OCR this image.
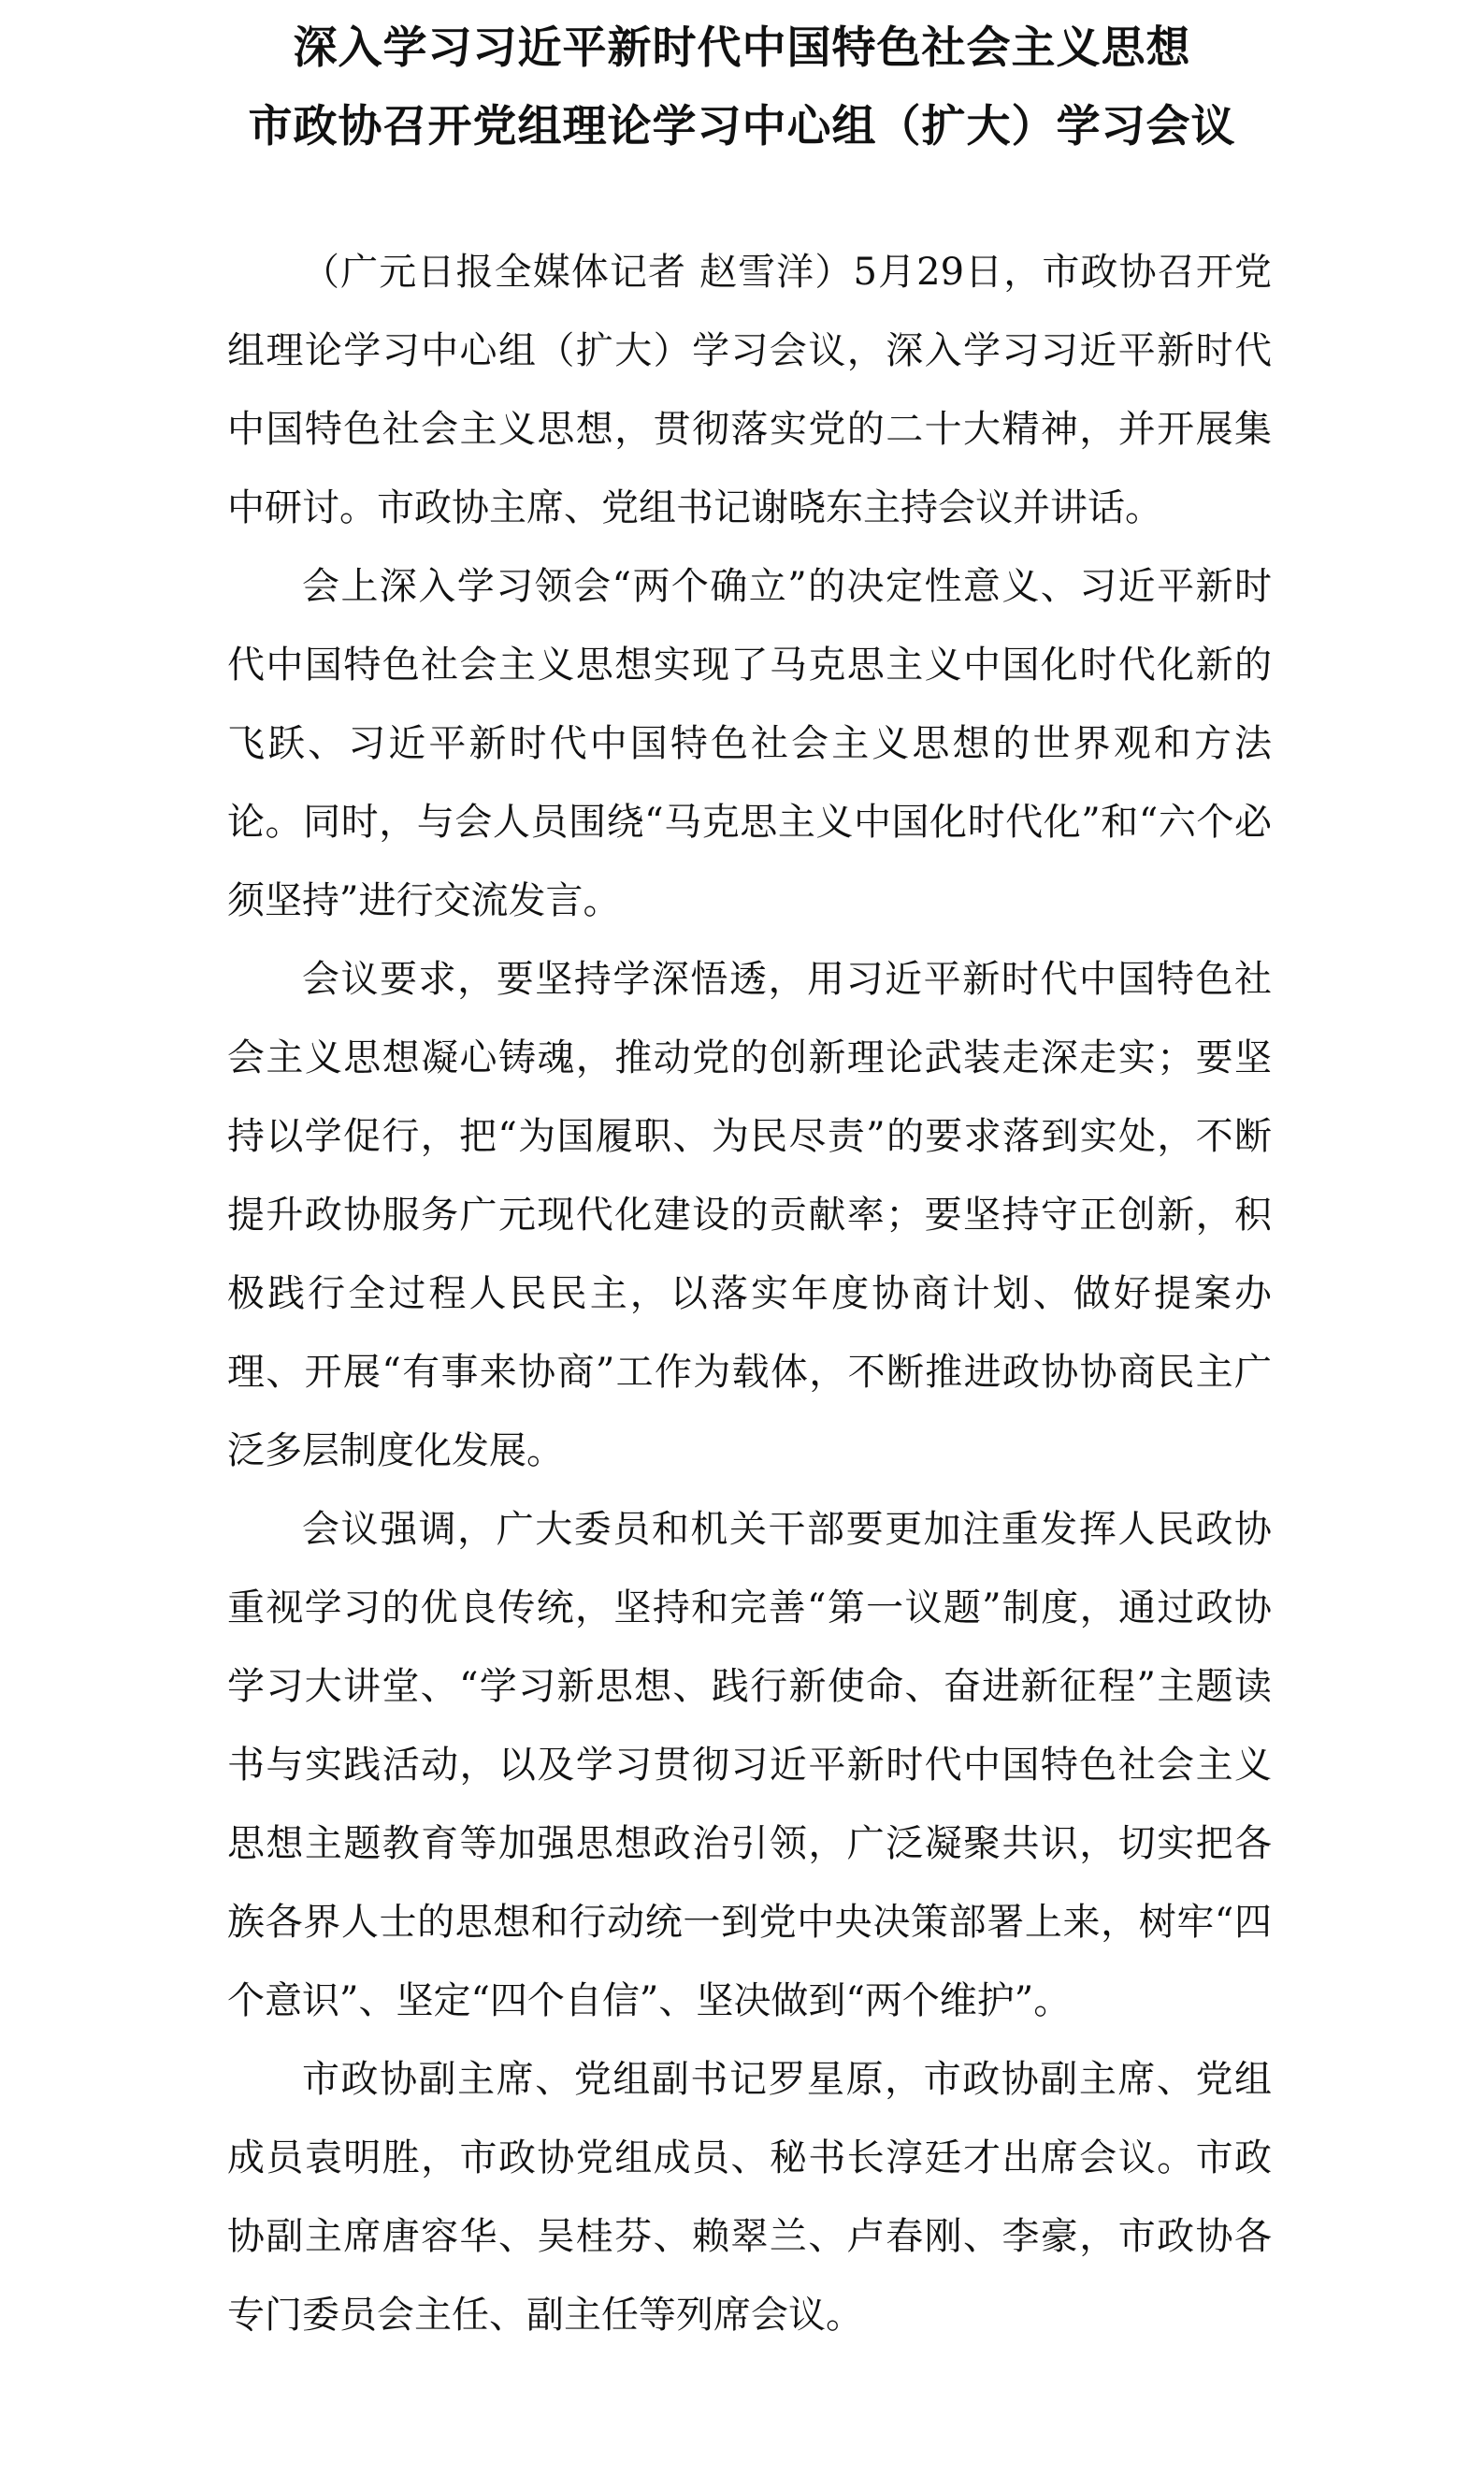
深入学习习近平新时代中国特色社会主义思想
市政协召开党组理论学习中心组（扩大）学习会议

（广元日报全媒体记者 赵雪洋）5月29日，市政协召开党组理论学习中心组（扩大）学习会议，深入学习习近平新时代中国特色社会主义思想，贯彻落实党的二十大精神，并开展集中研讨。市政协主席、党组书记谢晓东主持会议并讲话。

会上深入学习领会“两个确立”的决定性意义、习近平新时代中国特色社会主义思想实现了马克思主义中国化时代化新的飞跃、习近平新时代中国特色社会主义思想的世界观和方法论。同时，与会人员围绕“马克思主义中国化时代化”和“六个必须坚持”进行交流发言。

会议要求，要坚持学深悟透，用习近平新时代中国特色社会主义思想凝心铸魂，推动党的创新理论武装走深走实；要坚持以学促行，把“为国履职、为民尽责”的要求落到实处，不断提升政协服务广元现代化建设的贡献率；要坚持守正创新，积极践行全过程人民民主，以落实年度协商计划、做好提案办理、开展“有事来协商”工作为载体，不断推进政协协商民主广泛多层制度化发展。

会议强调，广大委员和机关干部要更加注重发挥人民政协重视学习的优良传统，坚持和完善“第一议题”制度，通过政协学习大讲堂、“学习新思想、践行新使命、奋进新征程”主题读书与实践活动，以及学习贯彻习近平新时代中国特色社会主义思想主题教育等加强思想政治引领，广泛凝聚共识，切实把各族各界人士的思想和行动统一到党中央决策部署上来，树牢“四个意识”、坚定“四个自信”、坚决做到“两个维护”。

市政协副主席、党组副书记罗星原，市政协副主席、党组成员袁明胜，市政协党组成员、秘书长淳廷才出席会议。市政协副主席唐容华、吴桂芬、赖翠兰、卢春刚、李豪，市政协各专门委员会主任、副主任等列席会议。
